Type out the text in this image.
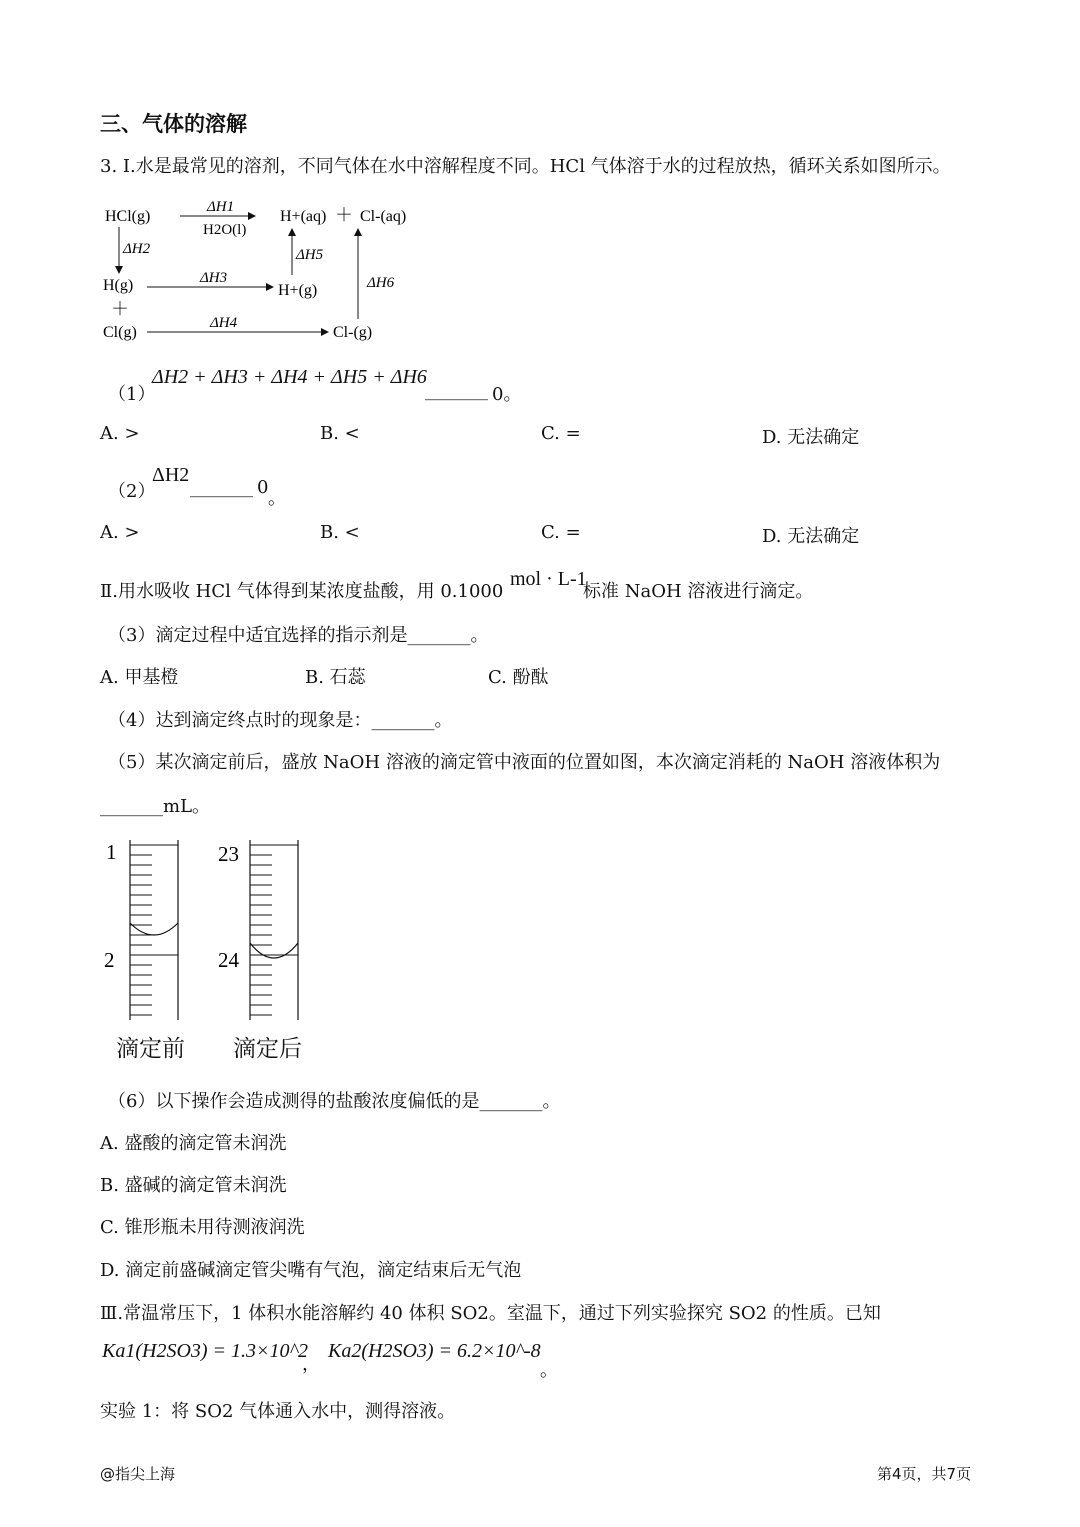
三、气体的溶解
3. Ⅰ.水是最常见的溶剂，不同气体在水中溶解程度不同。HCl 气体溶于水的过程放热，循环关系如图所示。
HCl(g)	H+(aq) ＋ Cl-(aq)
H(g)
＋
Cl(g)
H+(g)
Cl-(g)
ΔH1
H2O(l)
ΔH2
ΔH3
ΔH4
ΔH5
ΔH6
（1）
ΔH2 + ΔH3 + ΔH4 + ΔH5 + ΔH6
_______ 0。
A. >	B. <	C. =	D. 无法确定
（2）
ΔH2
_______ 0
。
A. >	B. <	C. =	D. 无法确定
Ⅱ.用水吸收 HCl 气体得到某浓度盐酸，用 0.1000
mol · L-1
标准 NaOH 溶液进行滴定。
（3）滴定过程中适宜选择的指示剂是_______。
A. 甲基橙	B. 石蕊	C. 酚酞
（4）达到滴定终点时的现象是：_______。
（5）某次滴定前后，盛放 NaOH 溶液的滴定管中液面的位置如图，本次滴定消耗的 NaOH 溶液体积为
_______mL。
1
2
23
24
滴定前 滴定后
（6）以下操作会造成测得的盐酸浓度偏低的是_______。
A. 盛酸的滴定管未润洗
B. 盛碱的滴定管未润洗
C. 锥形瓶未用待测液润洗
D. 滴定前盛碱滴定管尖嘴有气泡，滴定结束后无气泡
Ⅲ.常温常压下，1 体积水能溶解约 40 体积 SO2。室温下，通过下列实验探究 SO2 的性质。已知
Ka1(H2SO3) = 1.3×10^2
，
Ka2(H2SO3) = 6.2×10^-8
。
实验 1：将 SO2 气体通入水中，测得溶液。
@指尖上海	第4页，共7页
